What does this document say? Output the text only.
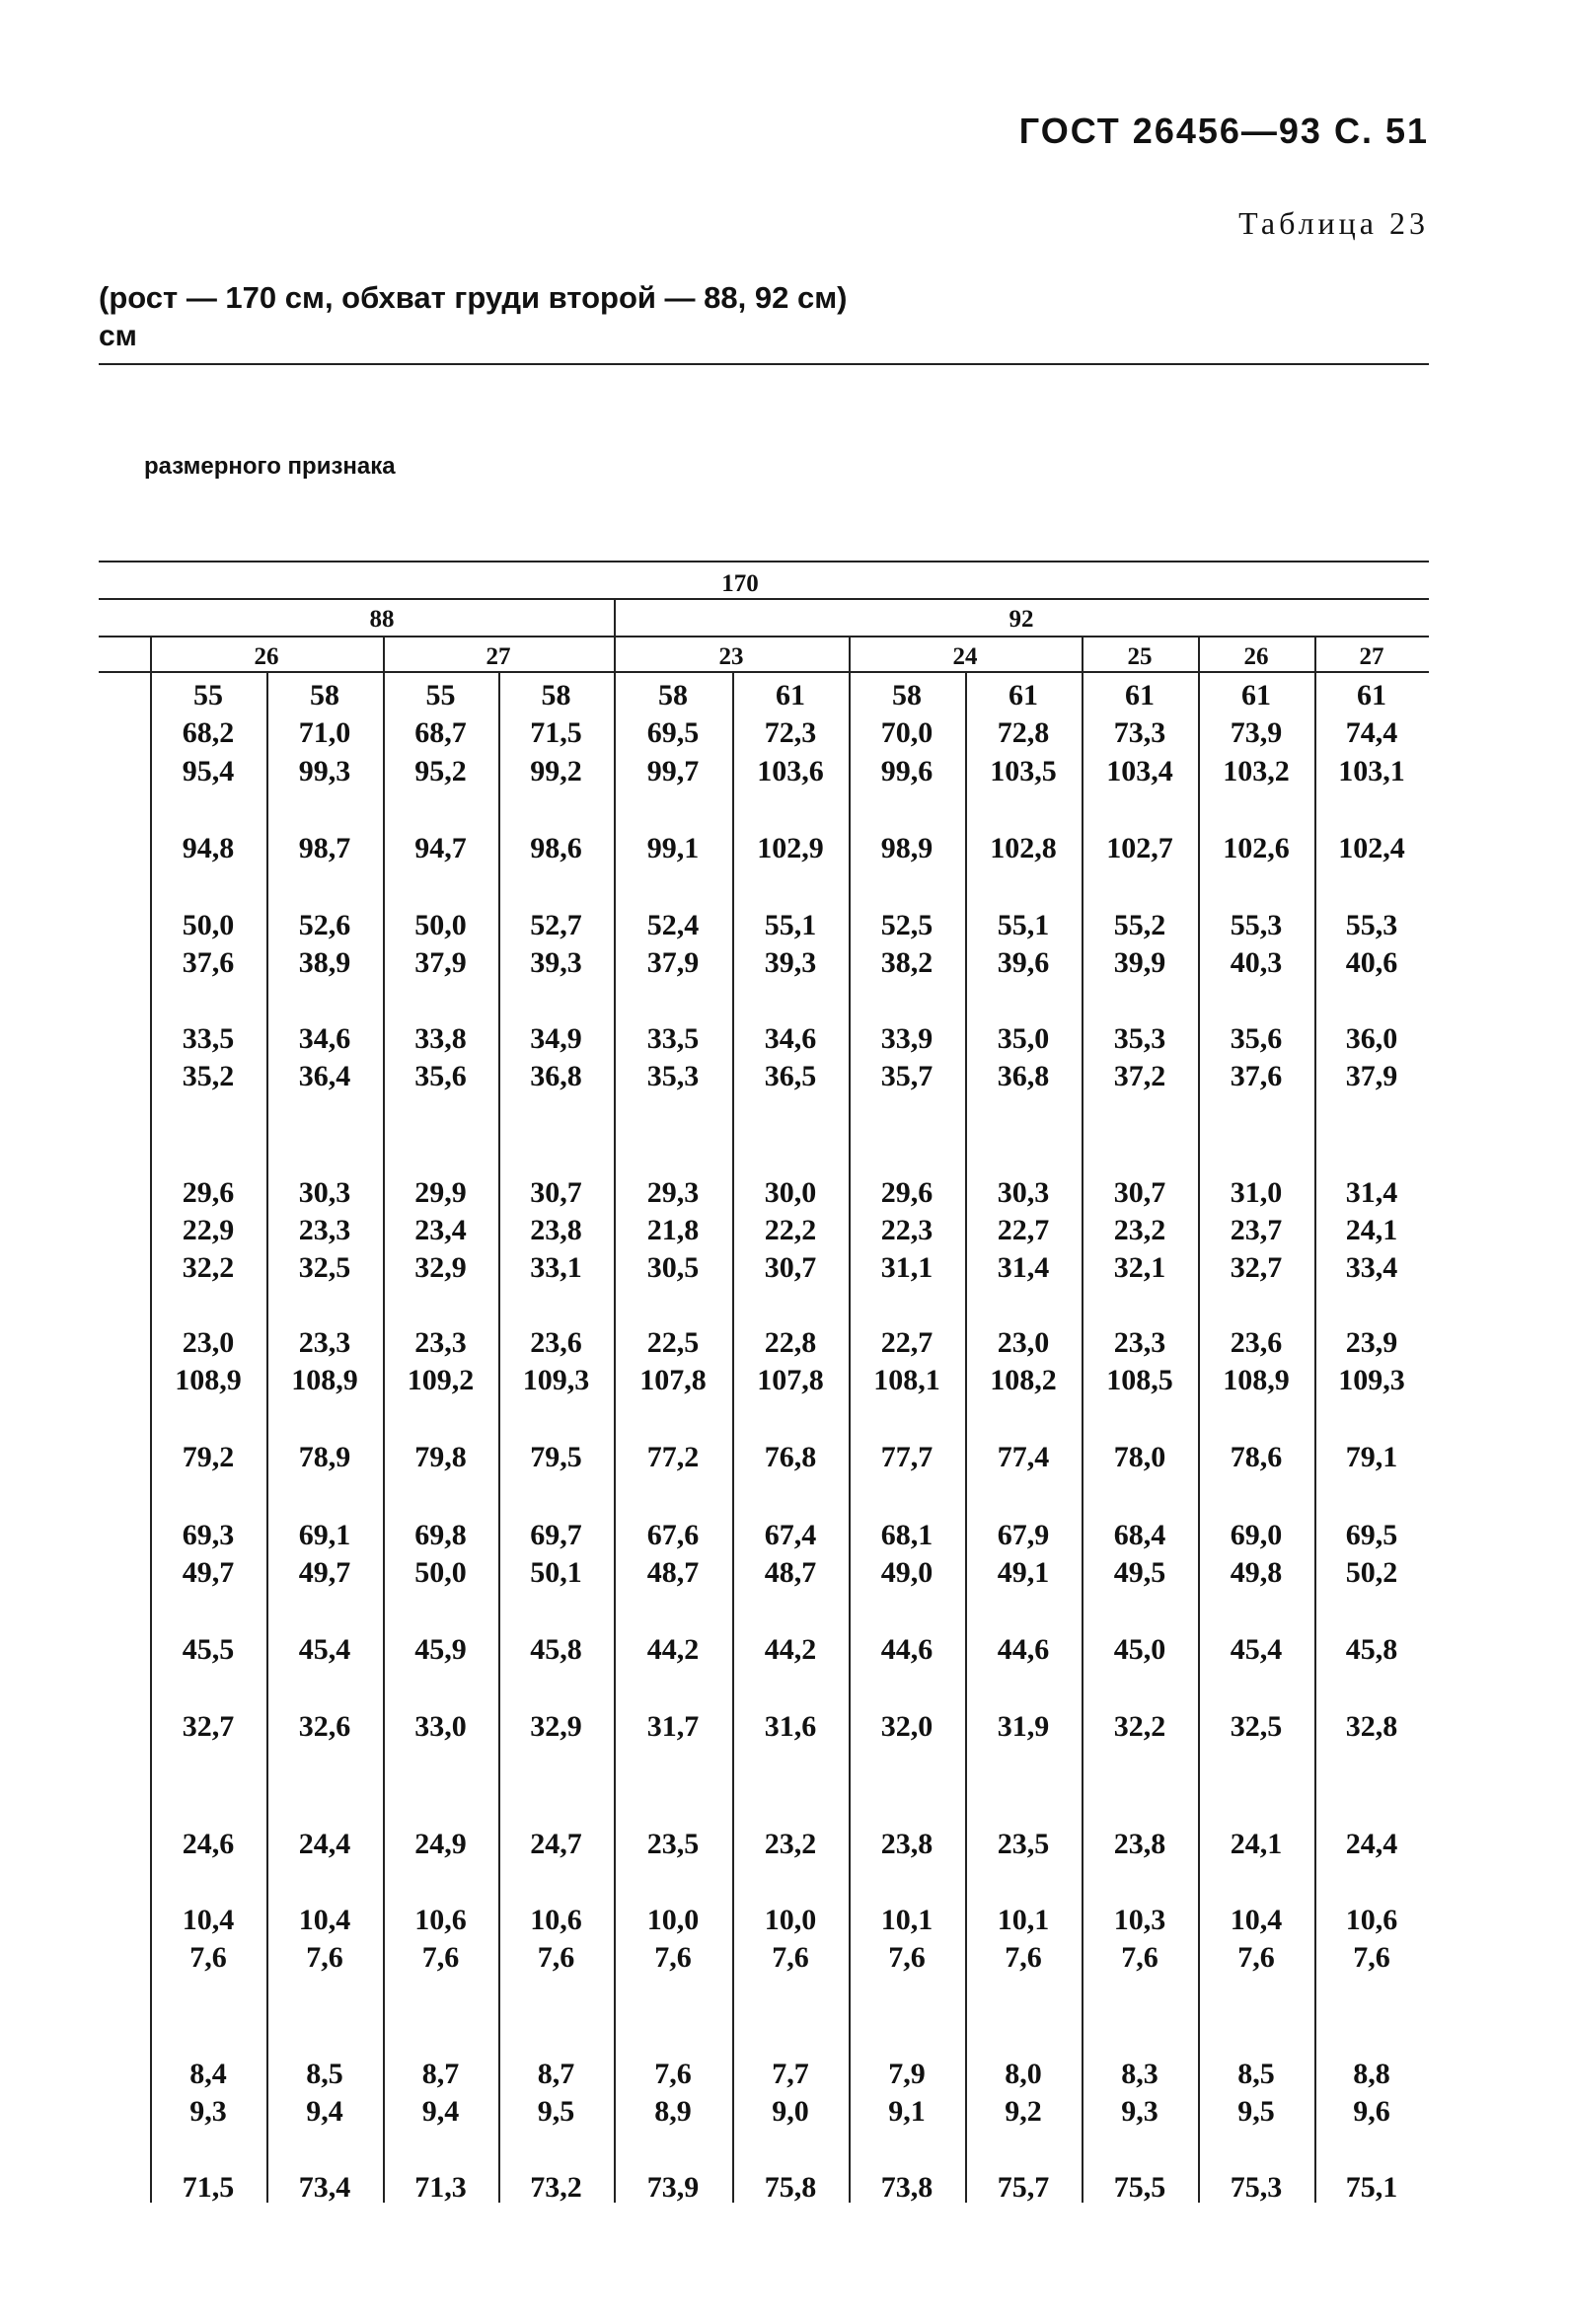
ГОСТ 26456—93 С. 51
Таблица 23
(рост — 170 см, обхват груди второй — 88, 92 см)
см
размерного признака
170
88	92
26	27	23	24	25	26	27
55	58	55	58	58	61	58	61	61	61	61
68,2	71,0	68,7	71,5	69,5	72,3	70,0	72,8	73,3	73,9	74,4
95,4	99,3	95,2	99,2	99,7	103,6	99,6	103,5	103,4	103,2	103,1
94,8	98,7	94,7	98,6	99,1	102,9	98,9	102,8	102,7	102,6	102,4
50,0	52,6	50,0	52,7	52,4	55,1	52,5	55,1	55,2	55,3	55,3
37,6	38,9	37,9	39,3	37,9	39,3	38,2	39,6	39,9	40,3	40,6
33,5	34,6	33,8	34,9	33,5	34,6	33,9	35,0	35,3	35,6	36,0
35,2	36,4	35,6	36,8	35,3	36,5	35,7	36,8	37,2	37,6	37,9
29,6	30,3	29,9	30,7	29,3	30,0	29,6	30,3	30,7	31,0	31,4
22,9	23,3	23,4	23,8	21,8	22,2	22,3	22,7	23,2	23,7	24,1
32,2	32,5	32,9	33,1	30,5	30,7	31,1	31,4	32,1	32,7	33,4
23,0	23,3	23,3	23,6	22,5	22,8	22,7	23,0	23,3	23,6	23,9
108,9	108,9	109,2	109,3	107,8	107,8	108,1	108,2	108,5	108,9	109,3
79,2	78,9	79,8	79,5	77,2	76,8	77,7	77,4	78,0	78,6	79,1
69,3	69,1	69,8	69,7	67,6	67,4	68,1	67,9	68,4	69,0	69,5
49,7	49,7	50,0	50,1	48,7	48,7	49,0	49,1	49,5	49,8	50,2
45,5	45,4	45,9	45,8	44,2	44,2	44,6	44,6	45,0	45,4	45,8
32,7	32,6	33,0	32,9	31,7	31,6	32,0	31,9	32,2	32,5	32,8
24,6	24,4	24,9	24,7	23,5	23,2	23,8	23,5	23,8	24,1	24,4
10,4	10,4	10,6	10,6	10,0	10,0	10,1	10,1	10,3	10,4	10,6
7,6	7,6	7,6	7,6	7,6	7,6	7,6	7,6	7,6	7,6	7,6
8,4	8,5	8,7	8,7	7,6	7,7	7,9	8,0	8,3	8,5	8,8
9,3	9,4	9,4	9,5	8,9	9,0	9,1	9,2	9,3	9,5	9,6
71,5	73,4	71,3	73,2	73,9	75,8	73,8	75,7	75,5	75,3	75,1
